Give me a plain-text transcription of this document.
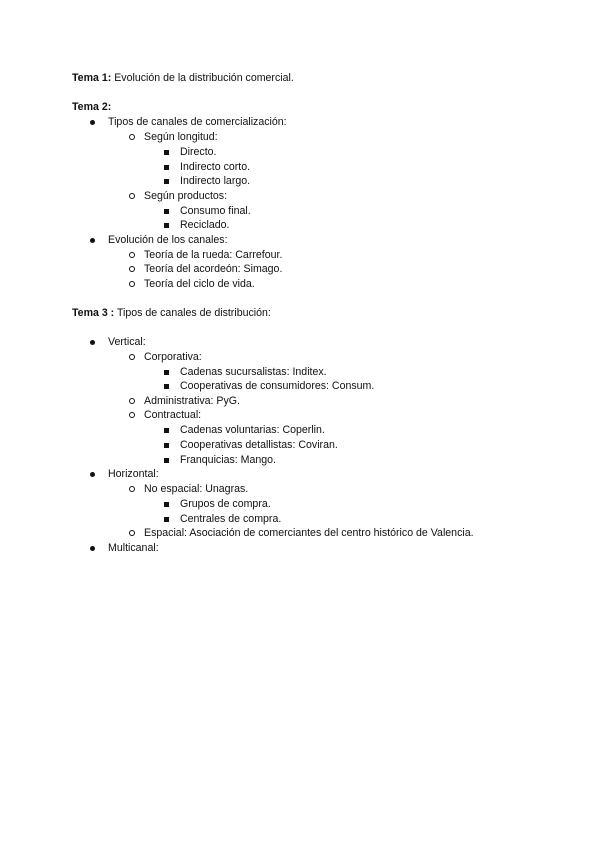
Tema 1: Evolución de la distribución comercial.
Tema 2:
Tipos de canales de comercialización:
Según longitud:
Directo.
Indirecto corto.
Indirecto largo.
Según productos:
Consumo final.
Reciclado.
Evolución de los canales:
Teoría de la rueda: Carrefour.
Teoría del acordeón: Simago.
Teoría del ciclo de vida.
Tema 3 : Tipos de canales de distribución:
Vertical:
Corporativa:
Cadenas sucursalistas: Inditex.
Cooperativas de consumidores: Consum.
Administrativa: PyG.
Contractual:
Cadenas voluntarias: Coperlin.
Cooperativas detallistas: Coviran.
Franquicias: Mango.
Horizontal:
No espacial: Unagras.
Grupos de compra.
Centrales de compra.
Espacial: Asociación de comerciantes del centro histórico de Valencia.
Multicanal:
